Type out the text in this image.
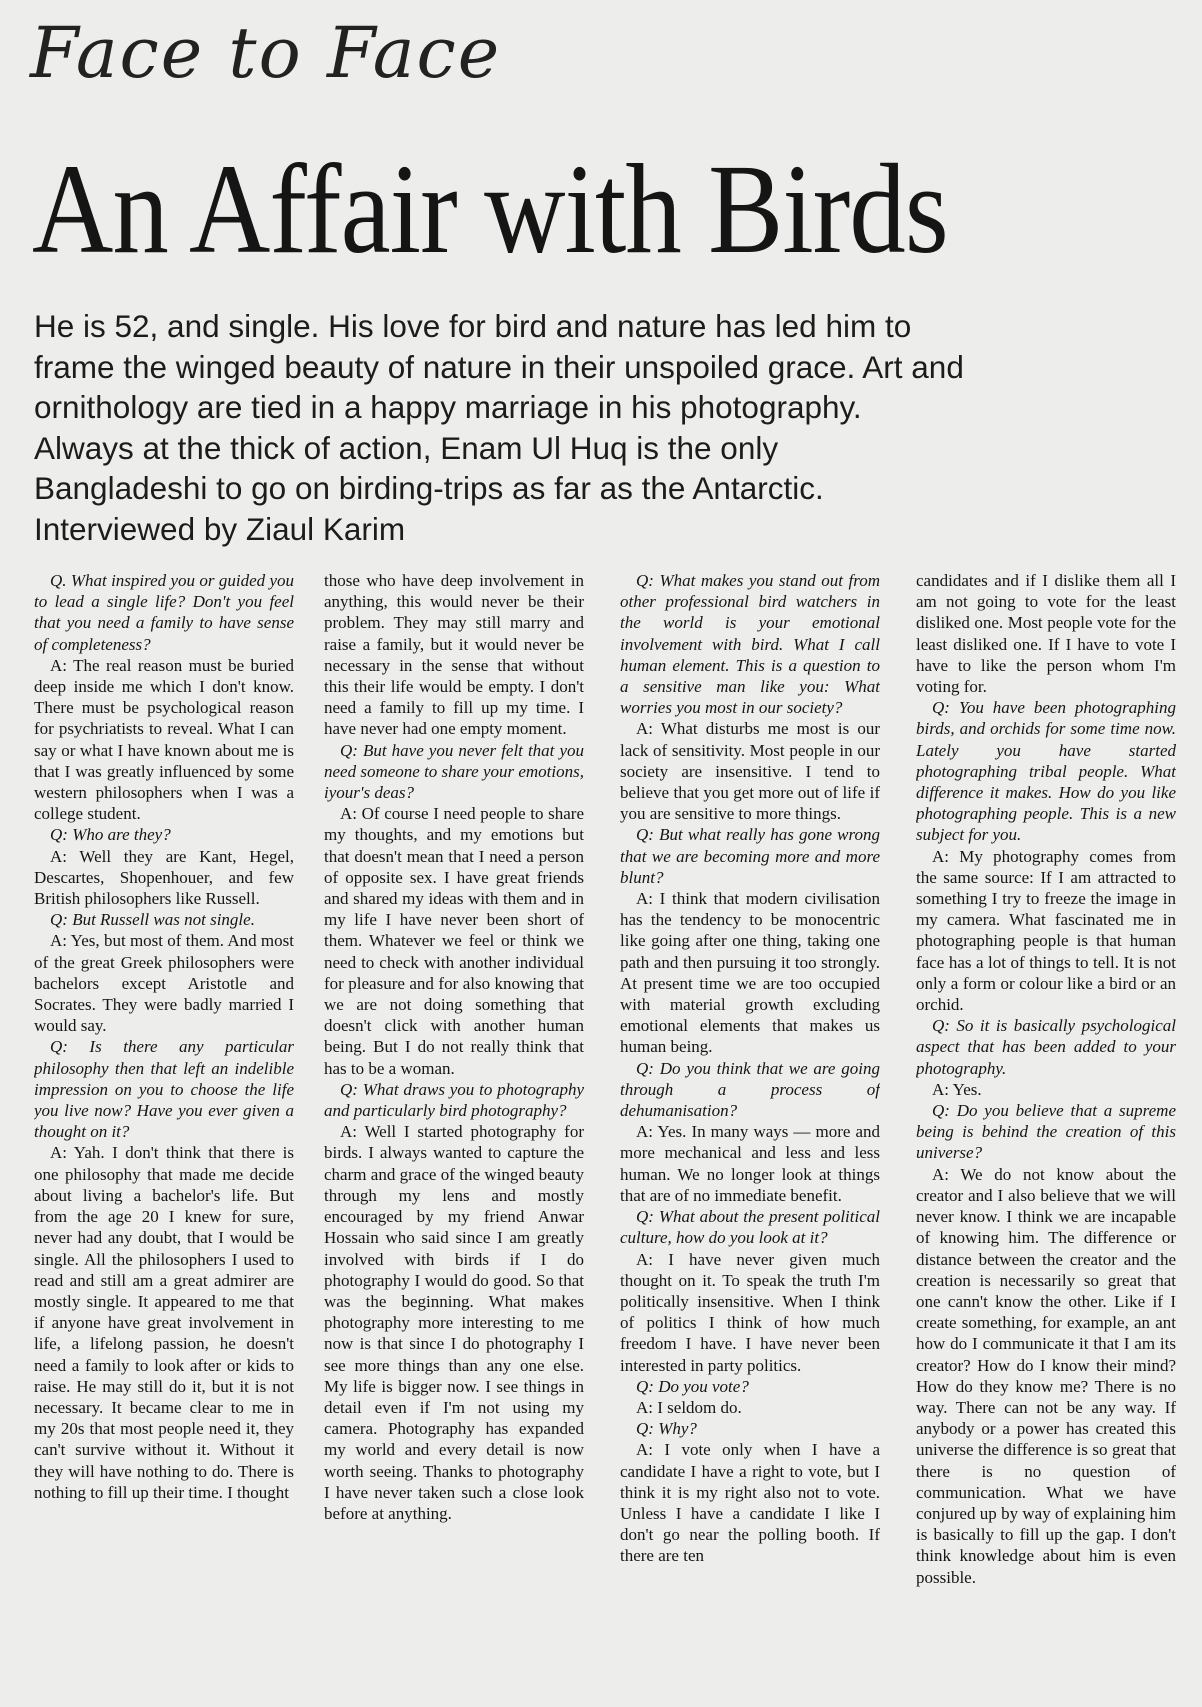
Face to Face
An Affair with Birds

He is 52, and single. His love for bird and nature has led him to
frame the winged beauty of nature in their unspoiled grace. Art and
ornithology are tied in a happy marriage in his photography.
Always at the thick of action, Enam Ul Huq is the only
Bangladeshi to go on birding-trips as far as the Antarctic.
Interviewed by Ziaul Karim

Q. What inspired you or guided you to lead a single life? Don't you feel that you need a family to have sense of completeness?

A: The real reason must be buried deep inside me which I don't know. There must be psychological reason for psychriatists to reveal. What I can say or what I have known about me is that I was greatly influenced by some western philosophers when I was a college student.

Q: Who are they?

A: Well they are Kant, Hegel, Descartes, Shopenhouer, and few British philosophers like Russell.

Q: But Russell was not single.

A: Yes, but most of them. And most of the great Greek philosophers were bachelors except Aristotle and Socrates. They were badly married I would say.

Q: Is there any particular philosophy then that left an indelible impression on you to choose the life you live now? Have you ever given a thought on it?

A: Yah. I don't think that there is one philosophy that made me decide about living a bachelor's life. But from the age 20 I knew for sure, never had any doubt, that I would be single. All the philosophers I used to read and still am a great admirer are mostly single. It appeared to me that if anyone have great involvement in life, a lifelong passion, he doesn't need a family to look after or kids to raise. He may still do it, but it is not necessary. It became clear to me in my 20s that most people need it, they can't survive without it. Without it they will have nothing to do. There is nothing to fill up their time. I thought

those who have deep involvement in anything, this would never be their problem. They may still marry and raise a family, but it would never be necessary in the sense that without this their life would be empty. I don't need a family to fill up my time. I have never had one empty moment.

Q: But have you never felt that you need someone to share your emotions, iyour's deas?

A: Of course I need people to share my thoughts, and my emotions but that doesn't mean that I need a person of opposite sex. I have great friends and shared my ideas with them and in my life I have never been short of them. Whatever we feel or think we need to check with another individual for pleasure and for also knowing that we are not doing something that doesn't click with another human being. But I do not really think that has to be a woman.

Q: What draws you to photography and particularly bird photography?

A: Well I started photography for birds. I always wanted to capture the charm and grace of the winged beauty through my lens and mostly encouraged by my friend Anwar Hossain who said since I am greatly involved with birds if I do photography I would do good. So that was the beginning. What makes photography more interesting to me now is that since I do photography I see more things than any one else. My life is bigger now. I see things in detail even if I'm not using my camera. Photography has expanded my world and every detail is now worth seeing. Thanks to photography I have never taken such a close look before at anything.

Q: What makes you stand out from other professional bird watchers in the world is your emotional involvement with bird. What I call human element. This is a question to a sensitive man like you: What worries you most in our society?

A: What disturbs me most is our lack of sensitivity. Most people in our society are insensitive. I tend to believe that you get more out of life if you are sensitive to more things.

Q: But what really has gone wrong that we are becoming more and more blunt?

A: I think that modern civilisation has the tendency to be monocentric like going after one thing, taking one path and then pursuing it too strongly. At present time we are too occupied with material growth excluding emotional elements that makes us human being.

Q: Do you think that we are going through a process of dehumanisation?

A: Yes. In many ways — more and more mechanical and less and less human. We no longer look at things that are of no immediate benefit.

Q: What about the present political culture, how do you look at it?

A: I have never given much thought on it. To speak the truth I'm politically insensitive. When I think of politics I think of how much freedom I have. I have never been interested in party politics.

Q: Do you vote?

A: I seldom do.

Q: Why?

A: I vote only when I have a candidate I have a right to vote, but I think it is my right also not to vote. Unless I have a candidate I like I don't go near the polling booth. If there are ten

candidates and if I dislike them all I am not going to vote for the least disliked one. Most people vote for the least disliked one. If I have to vote I have to like the person whom I'm voting for.

Q: You have been photographing birds, and orchids for some time now. Lately you have started photographing tribal people. What difference it makes. How do you like photographing people. This is a new subject for you.

A: My photography comes from the same source: If I am attracted to something I try to freeze the image in my camera. What fascinated me in photographing people is that human face has a lot of things to tell. It is not only a form or colour like a bird or an orchid.

Q: So it is basically psychological aspect that has been added to your photography.

A: Yes.

Q: Do you believe that a supreme being is behind the creation of this universe?

A: We do not know about the creator and I also believe that we will never know. I think we are incapable of knowing him. The difference or distance between the creator and the creation is necessarily so great that one cann't know the other. Like if I create something, for example, an ant how do I communicate it that I am its creator? How do I know their mind? How do they know me? There is no way. There can not be any way. If anybody or a power has created this universe the difference is so great that there is no question of communication. What we have conjured up by way of explaining him is basically to fill up the gap. I don't think knowledge about him is even possible.
